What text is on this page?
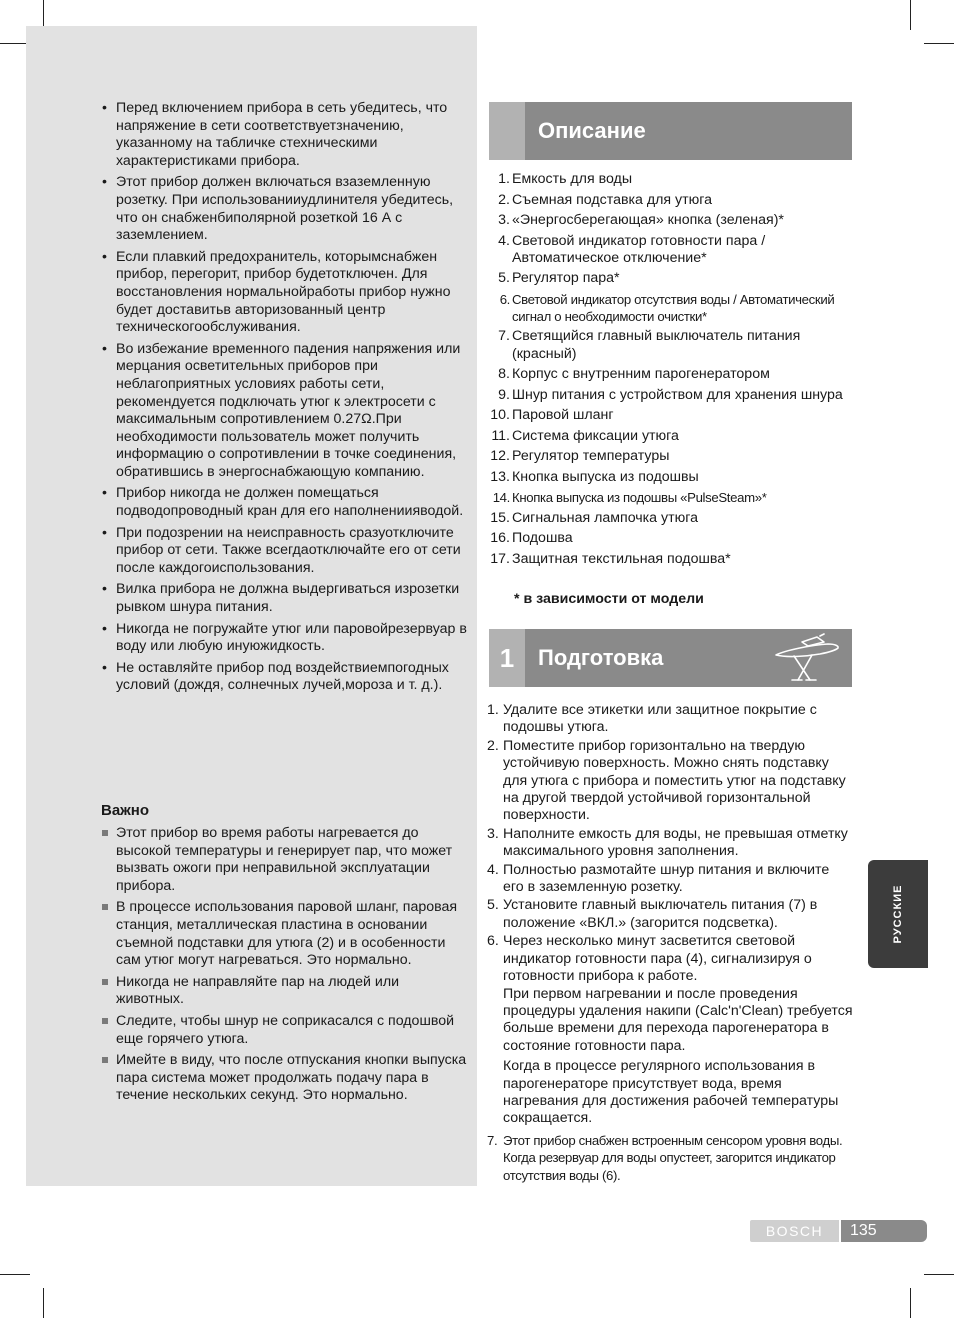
• Перед включением прибора в сеть убедитесь, что напряжение в сети соответствуетзначению, указанному на табличке стехническими характеристиками прибора.
• Этот прибор должен включаться взаземленную розетку. При использованииудлинителя убедитесь, что он снабженбиполярной розеткой 16 А с заземлением.
• Если плавкий предохранитель, которымснабжен прибор, перегорит, прибор будетотключен. Для восстановления нормальнойработы прибор нужно будет доставитьв авторизованный центр техническогообслуживания.
• Во избежание временного падения напряжения или мерцания осветительных приборов при неблагоприятных условиях работы сети, рекомендуется подключать утюг к электросети с максимальным сопротивлением 0.27Ω.При необходимости пользователь может получить информацию о сопротивлении в точке соединения, обратившись в энергоснабжающую компанию.
• Прибор никогда не должен помещаться подводопроводный кран для его наполнениияводой.
• При подозрении на неисправность сразуотключите прибор от сети. Также всегдаотключайте его от сети после каждогоиспользования.
• Вилка прибора не должна выдергиваться изрозетки рывком шнура питания.
• Никогда не погружайте утюг или паровойрезервуар в воду или любую инуюжидкость.
• Не оставляйте прибор под воздействиемпогодных условий (дождя, солнечных лучей,мороза и т. д.).
Важно
Этот прибор во время работы нагревается до высокой температуры и генерирует пар, что может вызвать ожоги при неправильной эксплуатации прибора.
В процессе использования паровой шланг, паровая станция, металлическая пластина в основании съемной подставки для утюга (2) и в особенности сам утюг могут нагреваться. Это нормально.
Никогда не направляйте пар на людей или животных.
Следите, чтобы шнур не соприкасался с подошвой еще горячего утюга.
Имейте в виду, что после отпускания кнопки выпуска пара система может продолжать подачу пара в течение нескольких секунд. Это нормально.
Описание
1. Емкость для воды
2. Съемная подставка для утюга
3. «Энергосберегающая» кнопка (зеленая)*
4. Световой индикатор готовности пара / Автоматическое отключение*
5. Регулятор пара*
6. Световой индикатор отсутствия воды / Автоматический сигнал о необходимости очистки*
7. Светящийся главный выключатель питания (красный)
8. Корпус с внутренним парогенератором
9. Шнур питания с устройством для хранения шнура
10. Паровой шланг
11. Система фиксации утюга
12. Регулятор температуры
13. Кнопка выпуска из подошвы
14. Кнопка выпуска из подошвы «PulseSteam»*
15. Сигнальная лампочка утюга
16. Подошва
17. Защитная текстильная подошва*
* в зависимости от модели
1	Подготовка
1. Удалите все этикетки или защитное покрытие с подошвы утюга.

2. Поместите прибор горизонтально на твердую устойчивую поверхность. Можно снять подставку для утюга с прибора и поместить утюг на подставку на другой твердой устойчивой горизонтальной поверхности.

3. Наполните емкость для воды, не превышая отметку максимального уровня заполнения.

4. Полностью размотайте шнур питания и включите его в заземленную розетку.

5. Установите главный выключатель питания (7) в положение «ВКЛ.» (загорится подсветка).

6. Через несколько минут засветится световой индикатор готовности пара (4), сигнализируя о готовности прибора к работе.

При первом нагревании и после проведения процедуры удаления накипи (Calc'n'Clean) требуется больше времени для перехода парогенератора в состояние готовности пара.

Когда в процессе регулярного использования в парогенераторе присутствует вода, время нагревания для достижения рабочей температуры сокращается.

7. Этот прибор снабжен встроенным сенсором уровня воды. Когда резервуар для воды опустеет, загорится индикатор отсутствия воды (6).

РУССКИЕ
BOSCH	135
